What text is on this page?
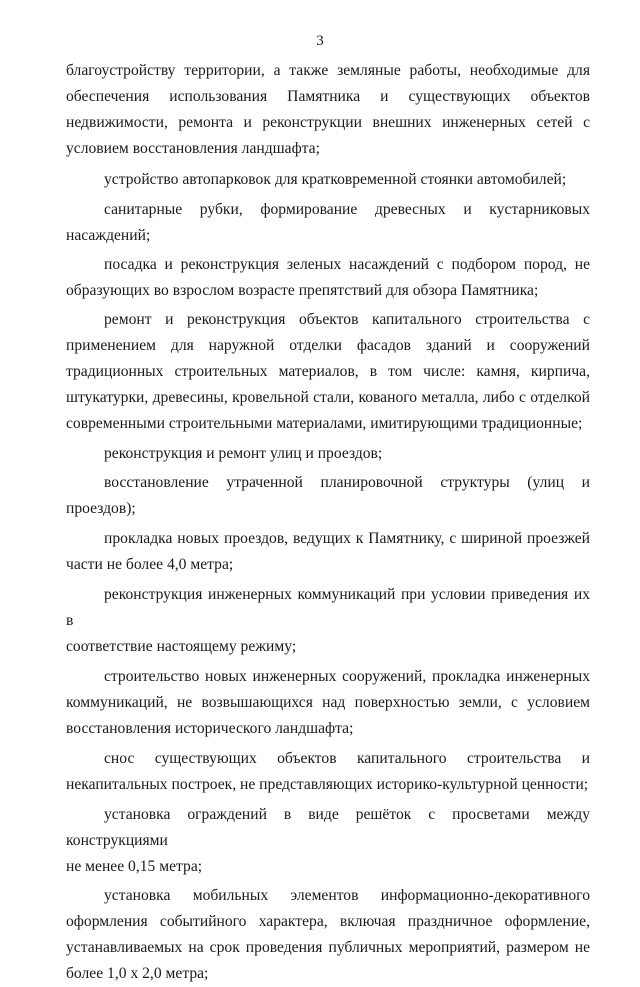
3
благоустройству территории, а также земляные работы, необходимые для
обеспечения использования Памятника и существующих объектов
недвижимости, ремонта и реконструкции внешних инженерных сетей с
условием восстановления ландшафта;
устройство автопарковок для кратковременной стоянки автомобилей;
санитарные рубки, формирование древесных и кустарниковых
насаждений;
посадка и реконструкция зеленых насаждений с подбором пород, не
образующих во взрослом возрасте препятствий для обзора Памятника;
ремонт и реконструкция объектов капитального строительства с
применением для наружной отделки фасадов зданий и сооружений
традиционных строительных материалов, в том числе: камня, кирпича,
штукатурки, древесины, кровельной стали, кованого металла, либо с отделкой
современными строительными материалами, имитирующими традиционные;
реконструкция и ремонт улиц и проездов;
восстановление утраченной планировочной структуры (улиц и проездов);
прокладка новых проездов, ведущих к Памятнику, с шириной проезжей
части не более 4,0 метра;
реконструкция инженерных коммуникаций при условии приведения их в
соответствие настоящему режиму;
строительство новых инженерных сооружений, прокладка инженерных
коммуникаций, не возвышающихся над поверхностью земли, с условием
восстановления исторического ландшафта;
снос существующих объектов капитального строительства и
некапитальных построек, не представляющих историко-культурной ценности;
установка ограждений в виде решёток с просветами между конструкциями
не менее 0,15 метра;
установка мобильных элементов информационно-декоративного
оформления событийного характера, включая праздничное оформление,
устанавливаемых на срок проведения публичных мероприятий, размером не
более 1,0 х 2,0 метра;
